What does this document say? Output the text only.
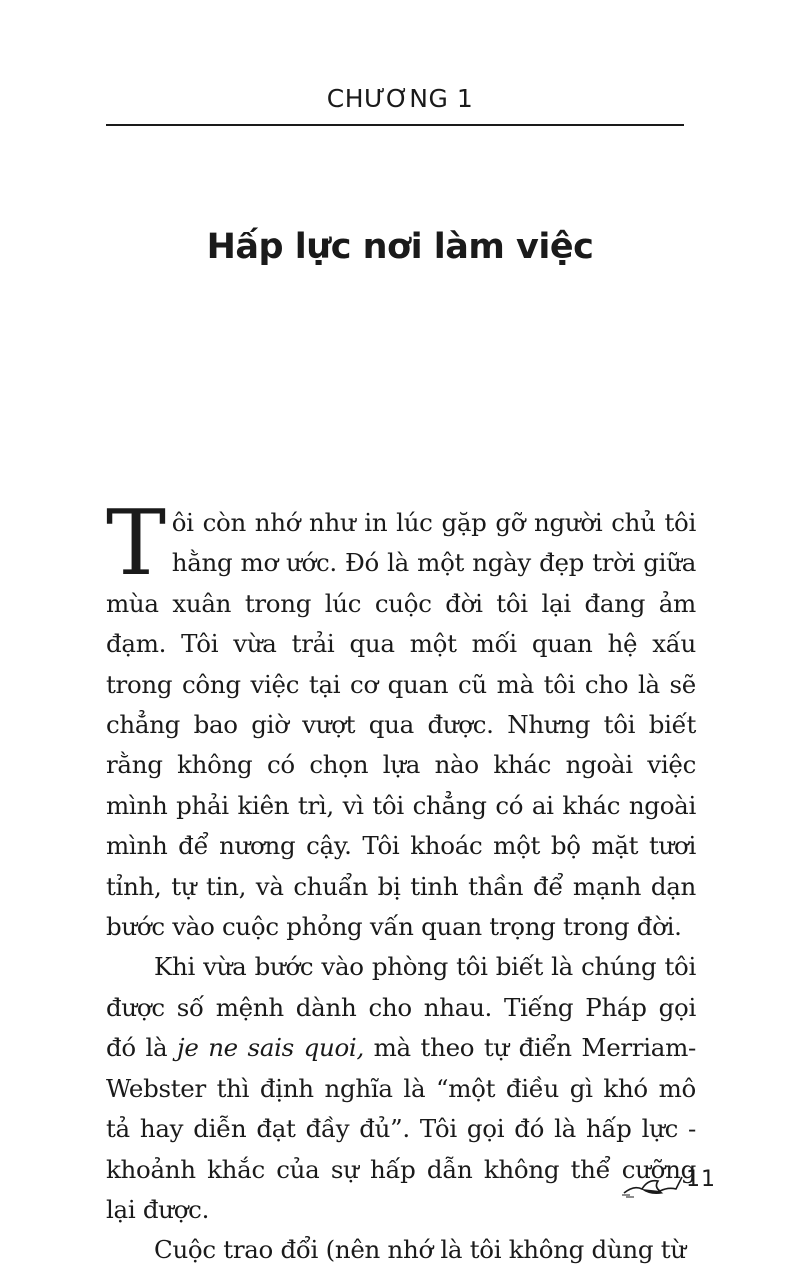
CHƯƠNG 1
Hấp lực nơi làm việc

Tôi còn nhớ như in lúc gặp gỡ người chủ tôi hằng mơ ước. Đó là một ngày đẹp trời giữa mùa xuân trong lúc cuộc đời tôi lại đang ảm đạm. Tôi vừa trải qua một mối quan hệ xấu trong công việc tại cơ quan cũ mà tôi cho là sẽ chẳng bao giờ vượt qua được. Nhưng tôi biết rằng không có chọn lựa nào khác ngoài việc mình phải kiên trì, vì tôi chẳng có ai khác ngoài mình để nương cậy. Tôi khoác một bộ mặt tươi tỉnh, tự tin, và chuẩn bị tinh thần để mạnh dạn bước vào cuộc phỏng vấn quan trọng trong đời.

Khi vừa bước vào phòng tôi biết là chúng tôi được số mệnh dành cho nhau. Tiếng Pháp gọi đó là je ne sais quoi, mà theo tự điển Merriam-Webster thì định nghĩa là “một điều gì khó mô tả hay diễn đạt đầy đủ”. Tôi gọi đó là hấp lực - khoảnh khắc của sự hấp dẫn không thể cưỡng lại được.

Cuộc trao đổi (nên nhớ là tôi không dùng từ

11
